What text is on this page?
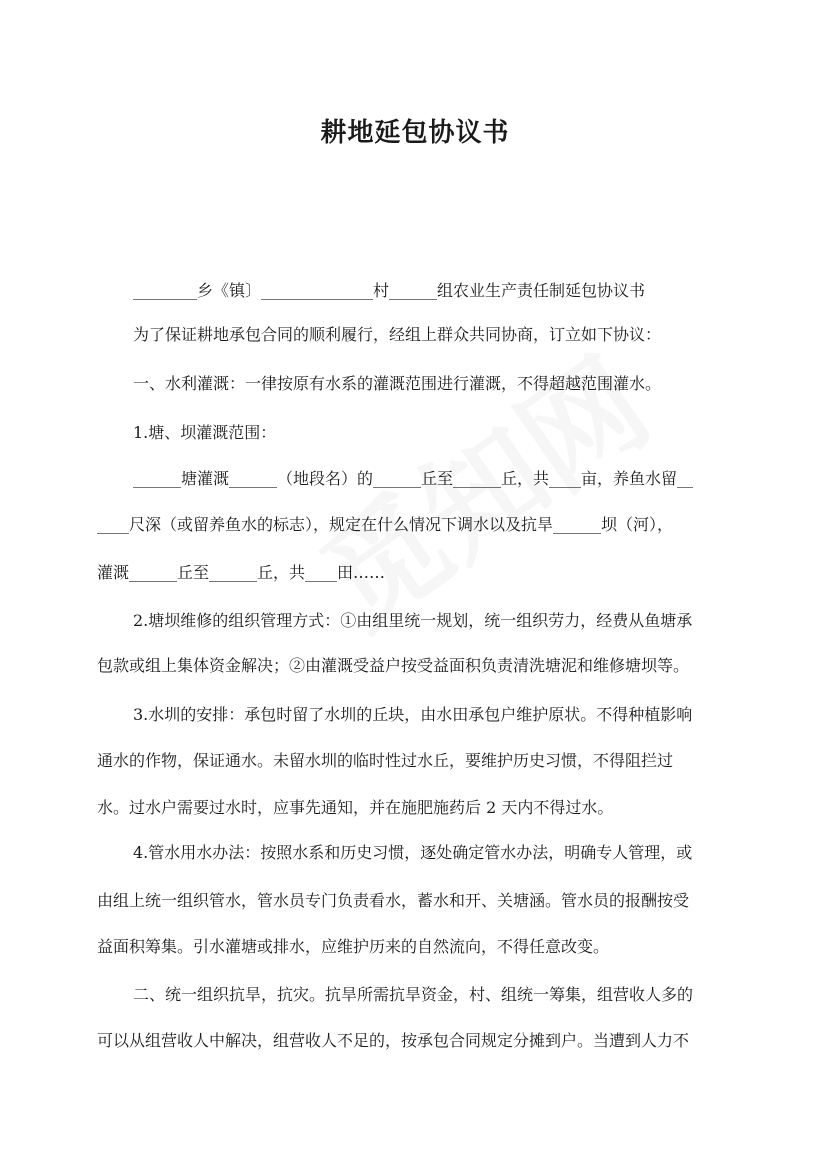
耕地延包协议书
________乡《镇〕______________村______组农业生产责任制延包协议书
为了保证耕地承包合同的顺利履行，经组上群众共同协商，订立如下协议：
一、水利灌溉：一律按原有水系的灌溉范围进行灌溉，不得超越范围灌水。
1.塘、坝灌溉范围：
______塘灌溉______（地段名）的______丘至______丘，共____亩，养鱼水留__
____尺深（或留养鱼水的标志），规定在什么情况下调水以及抗旱______坝（河），
灌溉______丘至______丘，共____田……
2.塘坝维修的组织管理方式：①由组里统一规划，统一组织劳力，经费从鱼塘承
包款或组上集体资金解决；②由灌溉受益户按受益面积负责清洗塘泥和维修塘坝等。
3.水圳的安排：承包时留了水圳的丘块，由水田承包户维护原状。不得种植影响
通水的作物，保证通水。未留水圳的临时性过水丘，要维护历史习惯，不得阻拦过
水。过水户需要过水时，应事先通知，并在施肥施药后 2 天内不得过水。
4.管水用水办法：按照水系和历史习惯，逐处确定管水办法，明确专人管理，或
由组上统一组织管水，管水员专门负责看水，蓄水和开、关塘涵。管水员的报酬按受
益面积筹集。引水灌塘或排水，应维护历来的自然流向，不得任意改变。
二、统一组织抗旱，抗灾。抗旱所需抗旱资金，村、组统一筹集，组营收人多的
可以从组营收人中解决，组营收人不足的，按承包合同规定分摊到户。当遭到人力不
